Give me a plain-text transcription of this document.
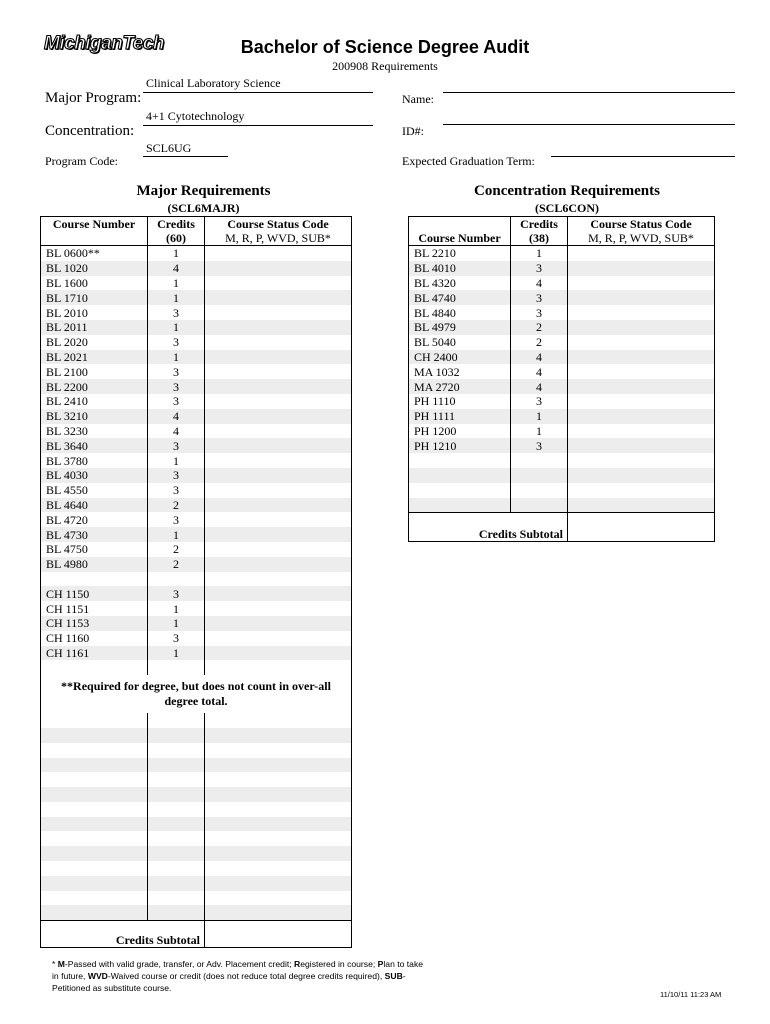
MichiganTech	Bachelor of Science Degree Audit
200908 Requirements
Clinical Laboratory Science
Major Program:
4+1 Cytotechnology
Concentration:
SCL6UG
Program Code:
Name:
ID#:
Expected Graduation Term:
Major Requirements
(SCL6MAJR)
Course Number	Credits	Course Status Code
	(60)	M, R, P, WVD, SUB*
BL 0600**	1	
BL 1020	4	
BL 1600	1	
BL 1710	1	
BL 2010	3	
BL 2011	1	
BL 2020	3	
BL 2021	1	
BL 2100	3	
BL 2200	3	
BL 2410	3	
BL 3210	4	
BL 3230	4	
BL 3640	3	
BL 3780	1	
BL 4030	3	
BL 4550	3	
BL 4640	2	
BL 4720	3	
BL 4730	1	
BL 4750	2	
BL 4980	2	

CH 1150	3	
CH 1151	1	
CH 1153	1	
CH 1160	3	
CH 1161	1	

**Required for degree, but does not count in over-all degree total.		

Credits Subtotal		
Concentration Requirements
(SCL6CON)
	Credits	Course Status Code
Course Number	(38)	M, R, P, WVD, SUB*
BL 2210	1	
BL 4010	3	
BL 4320	4	
BL 4740	3	
BL 4840	3	
BL 4979	2	
BL 5040	2	
CH 2400	4	
MA 1032	4	
MA 2720	4	
PH 1110	3	
PH 1111	1	
PH 1200	1	
PH 1210	3	

Credits Subtotal		
* M-Passed with valid grade, transfer, or Adv. Placement credit; Registered in course; Plan to take in future, WVD-Waived course or credit (does not reduce total degree credits required), SUB-Petitioned as substitute course.
11/10/11 11:23 AM
